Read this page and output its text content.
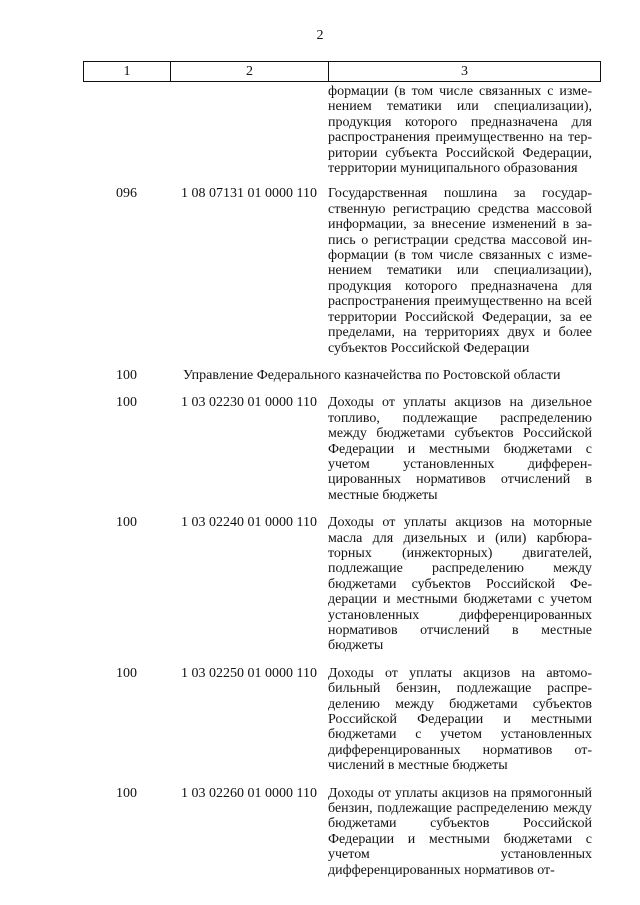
2
1	2	3
формации (в том числе связанных с изменением тематики или специализации), продукция которого предназначена для распространения преимущественно на территории субъекта Российской Федерации, территории муниципального образования
096	1 08 07131 01 0000 110 Государственная пошлина за государственную регистрацию средства массовой информации, за внесение изменений в запись о регистрации средства массовой информации (в том числе связанных с изменением тематики или специализации), продукция которого предназначена для распространения преимущественно на всей территории Российской Федерации, за ее пределами, на территориях двух и более субъектов Российской Федерации
100	Управление Федерального казначейства по Ростовской области
100	1 03 02230 01 0000 110 Доходы от уплаты акцизов на дизельное топливо, подлежащие распределению между бюджетами субъектов Российской Федерации и местными бюджетами с учетом установленных дифференцированных нормативов отчислений в местные бюджеты
100	1 03 02240 01 0000 110 Доходы от уплаты акцизов на моторные масла для дизельных и (или) карбюраторных (инжекторных) двигателей, подлежащие распределению между бюджетами субъектов Российской Федерации и местными бюджетами с учетом установленных дифференцированных нормативов отчислений в местные бюджеты
100	1 03 02250 01 0000 110 Доходы от уплаты акцизов на автомобильный бензин, подлежащие распределению между бюджетами субъектов Российской Федерации и местными бюджетами с учетом установленных дифференцированных нормативов отчислений в местные бюджеты
100	1 03 02260 01 0000 110 Доходы от уплаты акцизов на прямогонный бензин, подлежащие распределению между бюджетами субъектов Российской Федерации и местными бюджетами с учетом установленных дифференцированных нормативов от-
